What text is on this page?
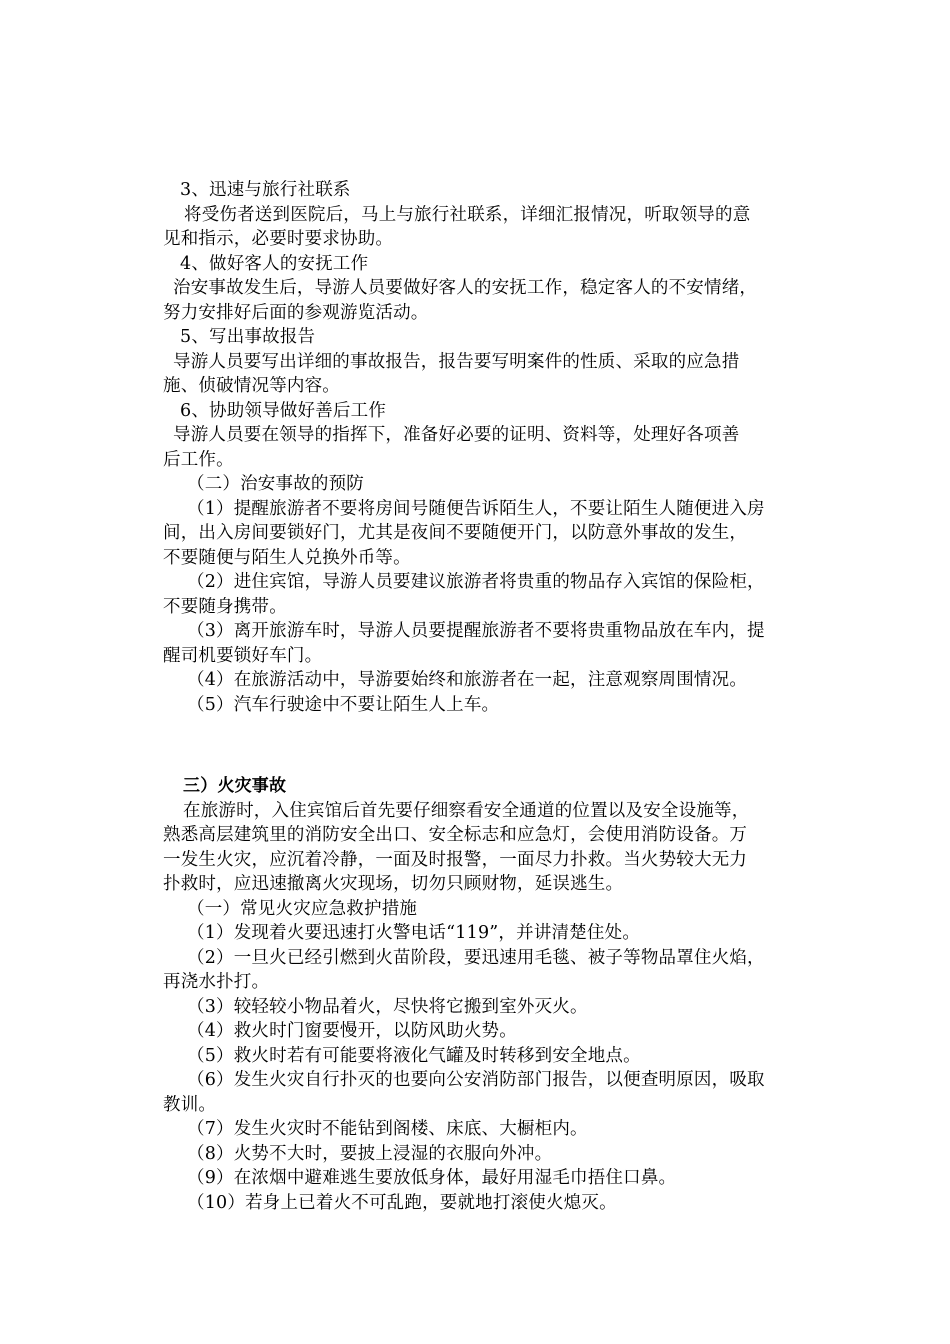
3、迅速与旅行社联系
将受伤者送到医院后，马上与旅行社联系，详细汇报情况，听取领导的意
见和指示，必要时要求协助。
4、做好客人的安抚工作
治安事故发生后，导游人员要做好客人的安抚工作，稳定客人的不安情绪，
努力安排好后面的参观游览活动。
5、写出事故报告
导游人员要写出详细的事故报告，报告要写明案件的性质、采取的应急措
施、侦破情况等内容。
6、协助领导做好善后工作
导游人员要在领导的指挥下，准备好必要的证明、资料等，处理好各项善
后工作。
（二）治安事故的预防
（1）提醒旅游者不要将房间号随便告诉陌生人，不要让陌生人随便进入房
间，出入房间要锁好门，尤其是夜间不要随便开门，以防意外事故的发生，
不要随便与陌生人兑换外币等。
（2）进住宾馆，导游人员要建议旅游者将贵重的物品存入宾馆的保险柜，
不要随身携带。
（3）离开旅游车时，导游人员要提醒旅游者不要将贵重物品放在车内，提
醒司机要锁好车门。
（4）在旅游活动中，导游要始终和旅游者在一起，注意观察周围情况。
（5）汽车行驶途中不要让陌生人上车。
三）火灾事故
在旅游时，入住宾馆后首先要仔细察看安全通道的位置以及安全设施等，
熟悉高层建筑里的消防安全出口、安全标志和应急灯，会使用消防设备。万
一发生火灾，应沉着冷静，一面及时报警，一面尽力扑救。当火势较大无力
扑救时，应迅速撤离火灾现场，切勿只顾财物，延误逃生。
（一）常见火灾应急救护措施
（1）发现着火要迅速打火警电话“119”，并讲清楚住处。
（2）一旦火已经引燃到火苗阶段，要迅速用毛毯、被子等物品罩住火焰，
再浇水扑打。
（3）较轻较小物品着火，尽快将它搬到室外灭火。
（4）救火时门窗要慢开，以防风助火势。
（5）救火时若有可能要将液化气罐及时转移到安全地点。
（6）发生火灾自行扑灭的也要向公安消防部门报告，以便查明原因，吸取
教训。
（7）发生火灾时不能钻到阁楼、床底、大橱柜内。
（8）火势不大时，要披上浸湿的衣服向外冲。
（9）在浓烟中避难逃生要放低身体，最好用湿毛巾捂住口鼻。
（10）若身上已着火不可乱跑，要就地打滚使火熄灭。
